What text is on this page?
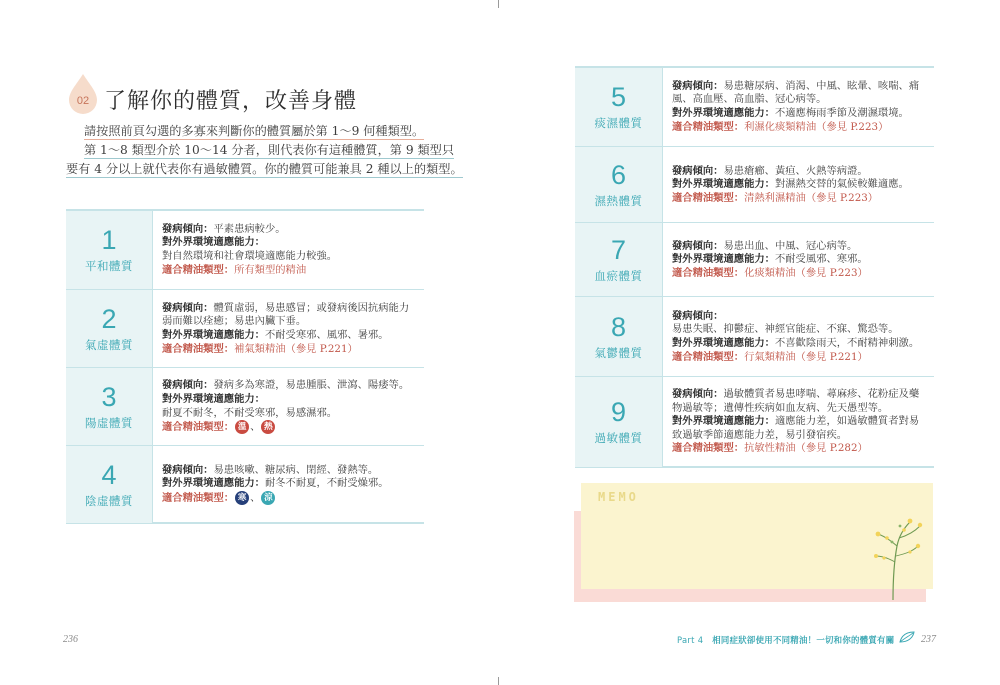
02 了解你的體質，改善身體
請按照前頁勾選的多寡來判斷你的體質屬於第 1～9 何種類型。
第 1～8 類型介於 10～14 分者，則代表你有這種體質，第 9 類型只
要有 4 分以上就代表你有過敏體質。你的體質可能兼具 2 種以上的類型。
1
平和體質
發病傾向：平素患病較少。
對外界環境適應能力：
對自然環境和社會環境適應能力較強。
適合精油類型：所有類型的精油
2
氣虛體質
發病傾向：體質虛弱，易患感冒；或發病後因抗病能力
弱而難以痊癒；易患內臟下垂。
對外界環境適應能力：不耐受寒邪、風邪、暑邪。
適合精油類型：補氣類精油（參見 P.221）
3
陽虛體質
發病傾向：發病多為寒證，易患腫脹、泄瀉、陽痿等。
對外界環境適應能力：
耐夏不耐冬，不耐受寒邪，易感濕邪。
適合精油類型： 溫 、 熱
4
陰虛體質
發病傾向：易患咳嗽、糖尿病、閉經、發熱等。
對外界環境適應能力：耐冬不耐夏，不耐受燥邪。
適合精油類型： 寒 、 涼
236
5
痰濕體質
發病傾向：易患糖尿病、消渴、中風、眩暈、咳喘、痛
風、高血壓、高血脂、冠心病等。
對外界環境適應能力：不適應梅雨季節及潮濕環境。
適合精油類型：利濕化痰類精油（參見 P.223）
6
濕熱體質
發病傾向：易患瘡癤、黃疸、火熱等病證。
對外界環境適應能力：對濕熱交替的氣候較難適應。
適合精油類型：清熱利濕精油（參見 P.223）
7
血瘀體質
發病傾向：易患出血、中風、冠心病等。
對外界環境適應能力：不耐受風邪、寒邪。
適合精油類型：化痰類精油（參見 P.223）
8
氣鬱體質
發病傾向：
易患失眠、抑鬱症、神經官能症、不寐、驚恐等。
對外界環境適應能力：不喜歡陰雨天，不耐精神刺激。
適合精油類型：行氣類精油（參見 P.221）
9
過敏體質
發病傾向：過敏體質者易患哮喘、蕁麻疹、花粉症及藥
物過敏等；遺傳性疾病如血友病、先天愚型等。
對外界環境適應能力：適應能力差，如過敏體質者對易
致過敏季節適應能力差，易引發宿疾。
適合精油類型：抗敏性精油（參見 P.282）
MEMO
Part 4 相同症狀卻使用不同精油！一切和你的體質有關	237
